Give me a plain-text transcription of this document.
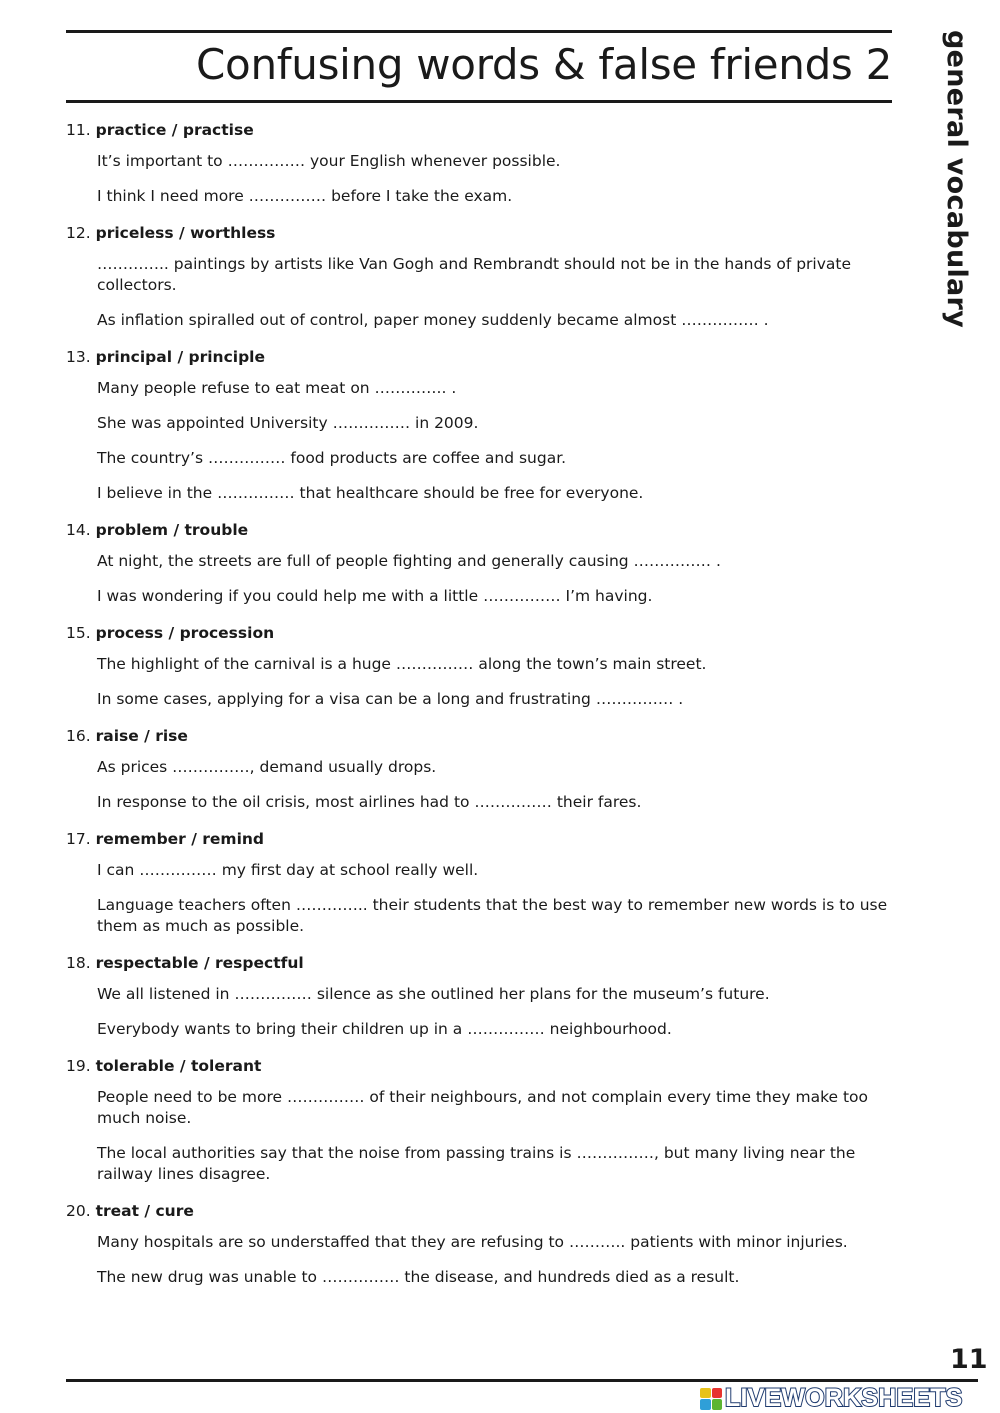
Confusing words & false friends 2 general vocabulary
11. practice / practise
It’s important to …………… your English whenever possible.
I think I need more …………… before I take the exam.
12. priceless / worthless
………….. paintings by artists like Van Gogh and Rembrandt should not be in the hands of private collectors.
As inflation spiralled out of control, paper money suddenly became almost …………… .
13. principal / principle
Many people refuse to eat meat on ………….. .
She was appointed University …………… in 2009.
The country’s …………… food products are coffee and sugar.
I believe in the …………… that healthcare should be free for everyone.
14. problem / trouble
At night, the streets are full of people fighting and generally causing …………… .
I was wondering if you could help me with a little …………… I’m having.
15. process / procession
The highlight of the carnival is a huge …………… along the town’s main street.
In some cases, applying for a visa can be a long and frustrating …………… .
16. raise / rise
As prices ……………, demand usually drops.
In response to the oil crisis, most airlines had to …………… their fares.
17. remember / remind
I can …………… my first day at school really well.
Language teachers often ………….. their students that the best way to remember new words is to use them as much as possible.
18. respectable / respectful
We all listened in …………… silence as she outlined her plans for the museum’s future.
Everybody wants to bring their children up in a …………… neighbourhood.
19. tolerable / tolerant
People need to be more …………… of their neighbours, and not complain every time they make too much noise.
The local authorities say that the noise from passing trains is ……………, but many living near the railway lines disagree.
20. treat / cure
Many hospitals are so understaffed that they are refusing to ……….. patients with minor injuries.
The new drug was unable to …………… the disease, and hundreds died as a result.
11
LIVEWORKSHEETS
